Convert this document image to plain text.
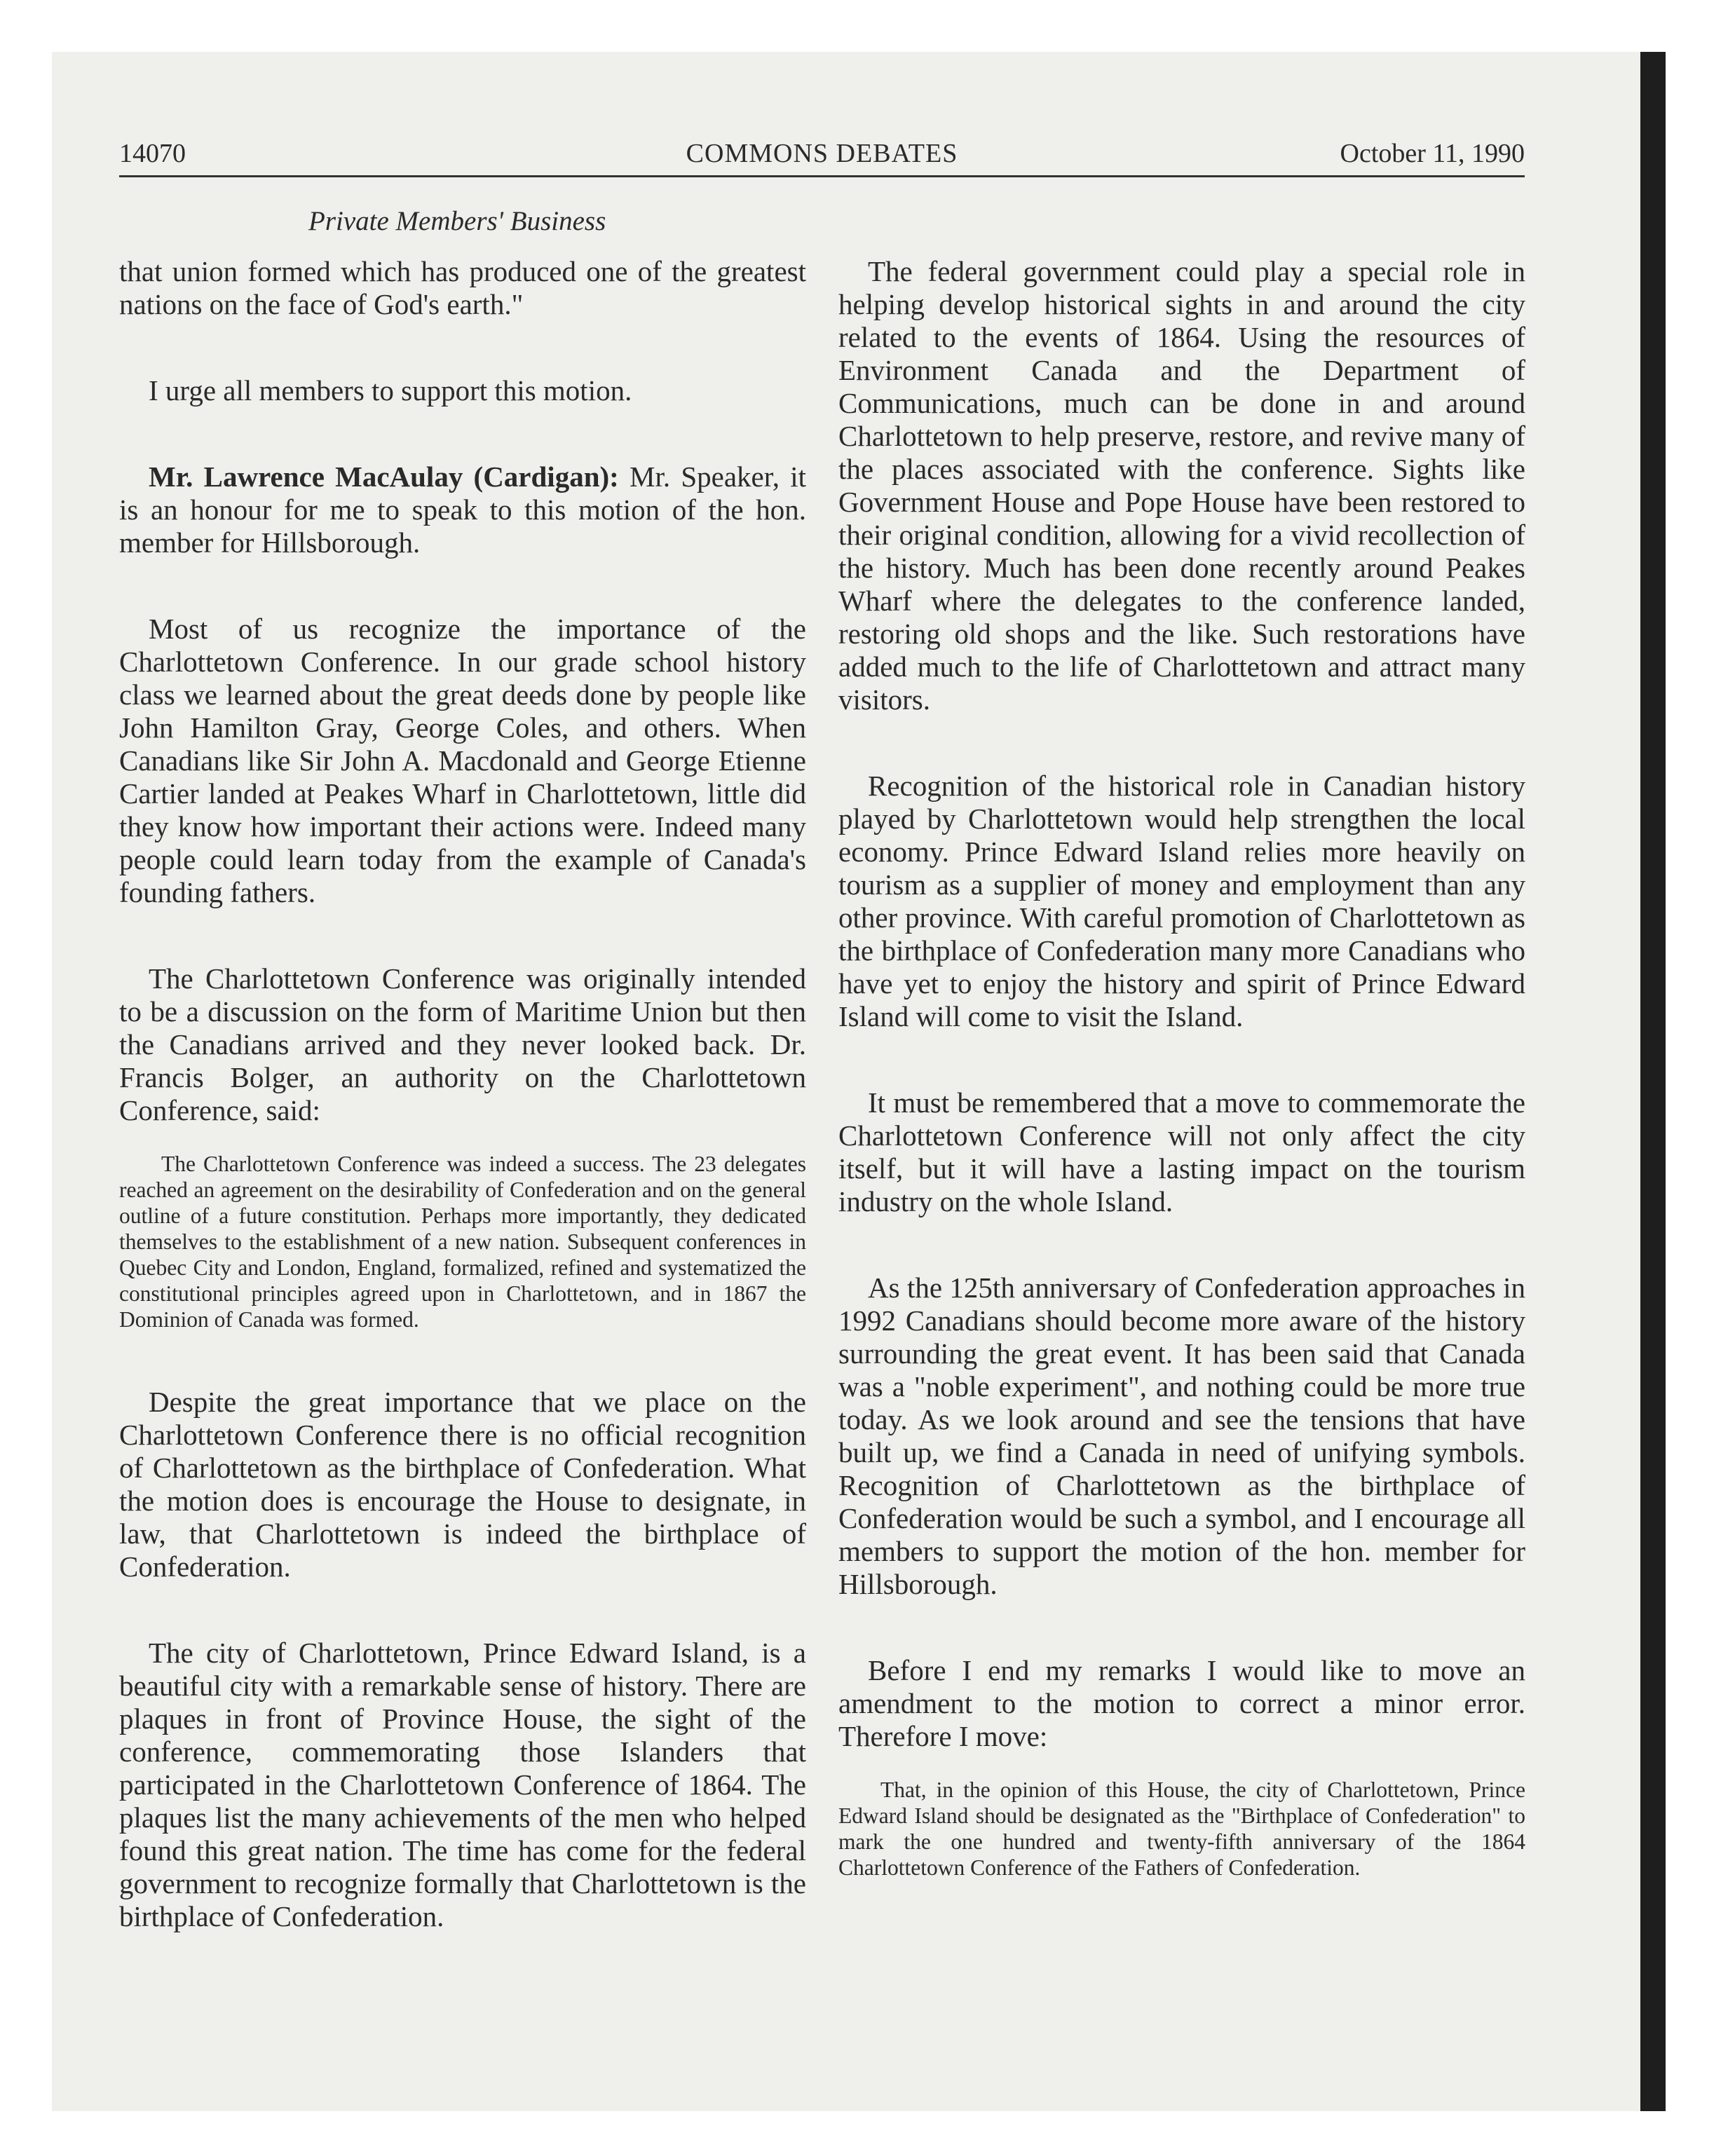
14070	COMMONS DEBATES	October 11, 1990
Private Members' Business

that union formed which has produced one of the greatest nations on the face of God's earth."

I urge all members to support this motion.

Mr. Lawrence MacAulay (Cardigan): Mr. Speaker, it is an honour for me to speak to this motion of the hon. member for Hillsborough.

Most of us recognize the importance of the Charlottetown Conference. In our grade school history class we learned about the great deeds done by people like John Hamilton Gray, George Coles, and others. When Canadians like Sir John A. Macdonald and George Etienne Cartier landed at Peakes Wharf in Charlottetown, little did they know how important their actions were. Indeed many people could learn today from the example of Canada's founding fathers.

The Charlottetown Conference was originally intended to be a discussion on the form of Maritime Union but then the Canadians arrived and they never looked back. Dr. Francis Bolger, an authority on the Charlottetown Conference, said:

The Charlottetown Conference was indeed a success. The 23 delegates reached an agreement on the desirability of Confederation and on the general outline of a future constitution. Perhaps more importantly, they dedicated themselves to the establishment of a new nation. Subsequent conferences in Quebec City and London, England, formalized, refined and systematized the constitutional principles agreed upon in Charlottetown, and in 1867 the Dominion of Canada was formed.

Despite the great importance that we place on the Charlottetown Conference there is no official recognition of Charlottetown as the birthplace of Confederation. What the motion does is encourage the House to designate, in law, that Charlottetown is indeed the birthplace of Confederation.

The city of Charlottetown, Prince Edward Island, is a beautiful city with a remarkable sense of history. There are plaques in front of Province House, the sight of the conference, commemorating those Islanders that participated in the Charlottetown Conference of 1864. The plaques list the many achievements of the men who helped found this great nation. The time has come for the federal government to recognize formally that Charlottetown is the birthplace of Confederation.

The federal government could play a special role in helping develop historical sights in and around the city related to the events of 1864. Using the resources of Environment Canada and the Department of Communications, much can be done in and around Charlottetown to help preserve, restore, and revive many of the places associated with the conference. Sights like Government House and Pope House have been restored to their original condition, allowing for a vivid recollection of the history. Much has been done recently around Peakes Wharf where the delegates to the conference landed, restoring old shops and the like. Such restorations have added much to the life of Charlottetown and attract many visitors.

Recognition of the historical role in Canadian history played by Charlottetown would help strengthen the local economy. Prince Edward Island relies more heavily on tourism as a supplier of money and employment than any other province. With careful promotion of Charlottetown as the birthplace of Confederation many more Canadians who have yet to enjoy the history and spirit of Prince Edward Island will come to visit the Island.

It must be remembered that a move to commemorate the Charlottetown Conference will not only affect the city itself, but it will have a lasting impact on the tourism industry on the whole Island.

As the 125th anniversary of Confederation approaches in 1992 Canadians should become more aware of the history surrounding the great event. It has been said that Canada was a "noble experiment", and nothing could be more true today. As we look around and see the tensions that have built up, we find a Canada in need of unifying symbols. Recognition of Charlottetown as the birthplace of Confederation would be such a symbol, and I encourage all members to support the motion of the hon. member for Hillsborough.

Before I end my remarks I would like to move an amendment to the motion to correct a minor error. Therefore I move:

That, in the opinion of this House, the city of Charlottetown, Prince Edward Island should be designated as the "Birthplace of Confederation" to mark the one hundred and twenty-fifth anniversary of the 1864 Charlottetown Conference of the Fathers of Confederation.
